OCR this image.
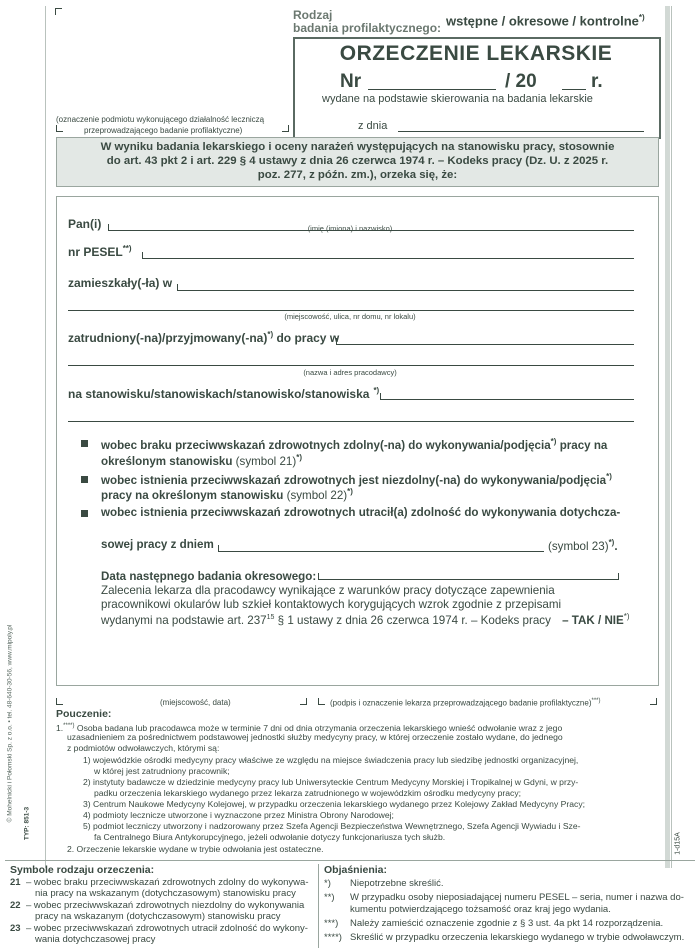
Rodzaj
badania profilaktycznego: wstępne / okresowe / kontrolne*)
ORZECZENIE LEKARSKIE
Nr	/ 20	r.
wydane na podstawie skierowania na badania lekarskie
z dnia
(oznaczenie podmiotu wykonującego działalność leczniczą
przeprowadzającego badanie profilaktyczne)
W wyniku badania lekarskiego i oceny narażeń występujących na stanowisku pracy, stosownie
do art. 43 pkt 2 i art. 229 § 4 ustawy z dnia 26 czerwca 1974 r. – Kodeks pracy (Dz. U. z 2025 r.
poz. 277, z późn. zm.), orzeka się, że:
Pan(i)	(imię (imiona) i nazwisko)
nr PESEL**)
zamieszkały(-ła) w
(miejscowość, ulica, nr domu, nr lokalu)
zatrudniony(-na)/przyjmowany(-na)*) do pracy w
(nazwa i adres pracodawcy)
na stanowisku/stanowiskach/stanowisko/stanowiska *)
wobec braku przeciwwskazań zdrowotnych zdolny(-na) do wykonywania/podjęcia*) pracy na
określonym stanowisku (symbol 21)*)
wobec istnienia przeciwwskazań zdrowotnych jest niezdolny(-na) do wykonywania/podjęcia*)
pracy na określonym stanowisku (symbol 22)*)
wobec istnienia przeciwwskazań zdrowotnych utracił(a) zdolność do wykonywania dotychcza-
sowej pracy z dniem	(symbol 23)*).
Data następnego badania okresowego:
Zalecenia lekarza dla pracodawcy wynikające z warunków pracy dotyczące zapewnienia
pracownikowi okularów lub szkieł kontaktowych korygujących wzrok zgodnie z przepisami
wydanymi na podstawie art. $237^{15}$ § 1 ustawy z dnia 26 czerwca 1974 r. – Kodeks pracy – TAK / NIE*)
(miejscowość, data)	(podpis i oznaczenie lekarza przeprowadzającego badanie profilaktyczne)***)
Pouczenie:
1.****) Osoba badana lub pracodawca może w terminie 7 dni od dnia otrzymania orzeczenia lekarskiego wnieść odwołanie wraz z jego
uzasadnieniem za pośrednictwem podstawowej jednostki służby medycyny pracy, w której orzeczenie zostało wydane, do jednego
z podmiotów odwoławczych, którymi są:
1) wojewódzkie ośrodki medycyny pracy właściwe ze względu na miejsce świadczenia pracy lub siedzibę jednostki organizacyjnej,
w której jest zatrudniony pracownik;
2) instytuty badawcze w dziedzinie medycyny pracy lub Uniwersyteckie Centrum Medycyny Morskiej i Tropikalnej w Gdyni, w przy-
padku orzeczenia lekarskiego wydanego przez lekarza zatrudnionego w wojewódzkim ośrodku medycyny pracy;
3) Centrum Naukowe Medycyny Kolejowej, w przypadku orzeczenia lekarskiego wydanego przez Kolejowy Zakład Medycyny Pracy;
4) podmioty lecznicze utworzone i wyznaczone przez Ministra Obrony Narodowej;
5) podmiot leczniczy utworzony i nadzorowany przez Szefa Agencji Bezpieczeństwa Wewnętrznego, Szefa Agencji Wywiadu i Sze-
fa Centralnego Biura Antykorupcyjnego, jeżeli odwołanie dotyczy funkcjonariusza tych służb.
2. Orzeczenie lekarskie wydane w trybie odwołania jest ostateczne.
© Mohelnicki i Połomski Sp. z o.o. • tel. 48-640-30-56, www.mipoly.pl
TYP: 851-3
1-d15A
Symbole rodzaju orzeczenia:
21 – wobec braku przeciwwskazań zdrowotnych zdolny do wykonywa-
nia pracy na wskazanym (dotychczasowym) stanowisku pracy
22 – wobec przeciwwskazań zdrowotnych niezdolny do wykonywania
pracy na wskazanym (dotychczasowym) stanowisku pracy
23 – wobec przeciwwskazań zdrowotnych utracił zdolność do wykony-
wania dotychczasowej pracy
Objaśnienia:
*) Niepotrzebne skreślić.
**) W przypadku osoby nieposiadającej numeru PESEL – seria, numer i nazwa do-
kumentu potwierdzającego tożsamość oraz kraj jego wydania.
***) Należy zamieścić oznaczenie zgodnie z § 3 ust. 4a pkt 14 rozporządzenia.
****) Skreślić w przypadku orzeczenia lekarskiego wydanego w trybie odwoławczym.
